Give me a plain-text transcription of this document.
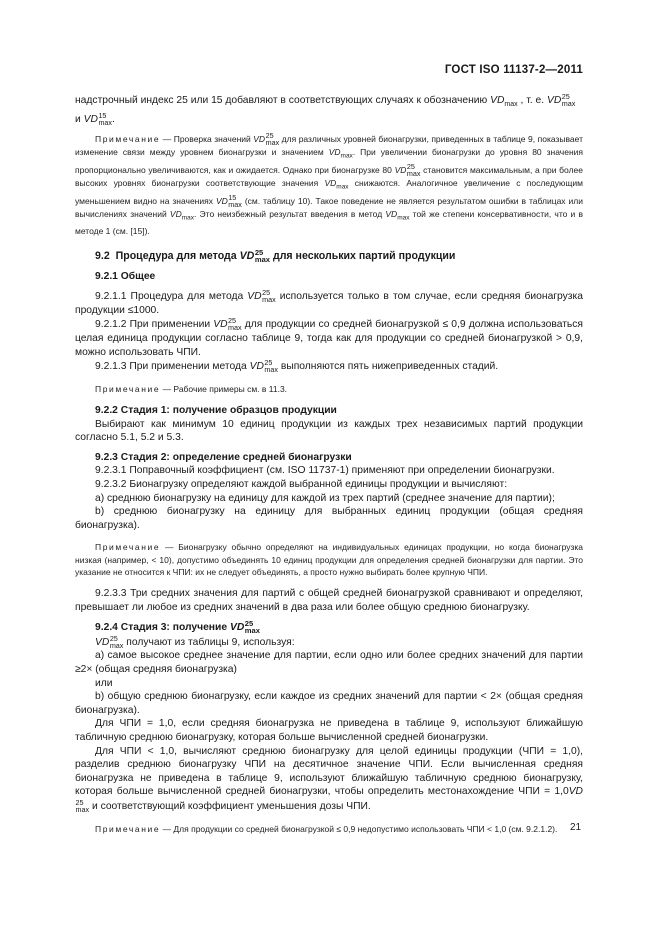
ГОСТ ISO 11137-2—2011

надстрочный индекс 25 или 15 добавляют в соответствующих случаях к обозначению $VD_{max}$ , т. е. VD 25
max

и VD 15
max .

Примечание — Проверка значений VD 25
max для различных уровней бионагрузки, приведенных в таблице 9, показывает изменение связи между уровнем бионагрузки и значением $VD_{max}$. При увеличении бионагрузки до уровня 80 значения пропорционально увеличиваются, как и ожидается. Однако при бионагрузке 80 VD 25
max становится максимальным, а при более высоких уровнях бионагрузки соответствующие значения $VD_{max}$ снижаются. Аналогичное увеличение с последующим уменьшением видно на значениях VD 15
max (см. таблицу 10). Такое поведение не является результатом ошибки в таблицах или вычислениях значений $VD_{max}$. Это неизбежный результат введения в метод $VD_{max}$ той же степени консервативности, что и в методе 1 (см. [15]).

9.2 Процедура для метода VD 25
max для нескольких партий продукции

9.2.1 Общее

9.2.1.1 Процедура для метода VD 25
max используется только в том случае, если средняя бионагрузка продукции ≤1000.

9.2.1.2 При применении VD 25
max для продукции со средней бионагрузкой ≤ 0,9 должна использоваться целая единица продукции согласно таблице 9, тогда как для продукции со средней бионагрузкой > 0,9, можно использовать ЧПИ.

9.2.1.3 При применении метода VD 25
max выполняются пять нижеприведенных стадий.

Примечание — Рабочие примеры см. в 11.3.

9.2.2 Стадия 1: получение образцов продукции

Выбирают как минимум 10 единиц продукции из каждых трех независимых партий продукции согласно 5.1, 5.2 и 5.3.

9.2.3 Стадия 2: определение средней бионагрузки

9.2.3.1 Поправочный коэффициент (см. ISO 11737-1) применяют при определении бионагрузки.

9.2.3.2 Бионагрузку определяют каждой выбранной единицы продукции и вычисляют:

a) среднюю бионагрузку на единицу для каждой из трех партий (среднее значение для партии);

b) среднюю бионагрузку на единицу для выбранных единиц продукции (общая средняя бионагрузка).

Примечание — Бионагрузку обычно определяют на индивидуальных единицах продукции, но когда бионагрузка низкая (например, < 10), допустимо объединять 10 единиц продукции для определения средней бионагрузки для партии. Это указание не относится к ЧПИ: их не следует объединять, а просто нужно выбирать более крупную ЧПИ.

9.2.3.3 Три средних значения для партий с общей средней бионагрузкой сравнивают и определяют, превышает ли любое из средних значений в два раза или более общую среднюю бионагрузку.

9.2.4 Стадия 3: получение VD 25
max

VD 25
max получают из таблицы 9, используя:

a) самое высокое среднее значение для партии, если одно или более средних значений для партии ≥2× (общая средняя бионагрузка)

или

b) общую среднюю бионагрузку, если каждое из средних значений для партии < 2× (общая средняя бионагрузка).

Для ЧПИ = 1,0, если средняя бионагрузка не приведена в таблице 9, используют ближайшую табличную среднюю бионагрузку, которая больше вычисленной средней бионагрузки.

Для ЧПИ < 1,0, вычисляют среднюю бионагрузку для целой единицы продукции (ЧПИ = 1,0), разделив среднюю бионагрузку ЧПИ на десятичное значение ЧПИ. Если вычисленная средняя бионагрузка не приведена в таблице 9, используют ближайшую табличную среднюю бионагрузку, которая больше вычисленной средней бионагрузки, чтобы определить местонахождение ЧПИ = 1,0VD
25
max и соответствующий коэффициент уменьшения дозы ЧПИ.

Примечание — Для продукции со средней бионагрузкой ≤ 0,9 недопустимо использовать ЧПИ < 1,0 (см. 9.2.1.2).	21
